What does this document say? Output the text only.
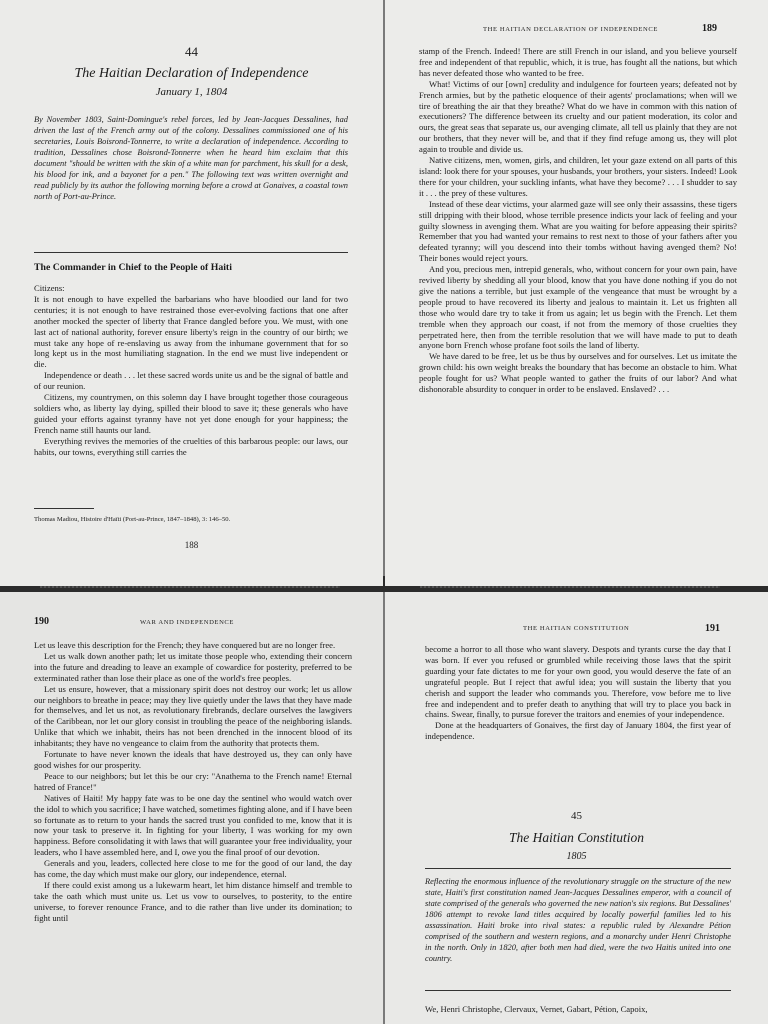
44
The Haitian Declaration of Independence
January 1, 1804
By November 1803, Saint-Domingue's rebel forces, led by Jean-Jacques Dessalines, had driven the last of the French army out of the colony. Dessalines commissioned one of his secretaries, Louis Boisrond-Tonnerre, to write a declaration of independence. According to tradition, Dessalines chose Boisrond-Tonnerre when he heard him exclaim that this document "should be written with the skin of a white man for parchment, his skull for a desk, his blood for ink, and a bayonet for a pen." The following text was written overnight and read publicly by its author the following morning before a crowd at Gonaives, a coastal town north of Port-au-Prince.
The Commander in Chief to the People of Haiti

Citizens:

It is not enough to have expelled the barbarians who have bloodied our land for two centuries; it is not enough to have restrained those ever-evolving factions that one after another mocked the specter of liberty that France dangled before you. We must, with one last act of national authority, forever ensure liberty's reign in the country of our birth; we must take any hope of re-enslaving us away from the inhumane government that for so long kept us in the most humiliating stagnation. In the end we must live independent or die.

Independence or death . . . let these sacred words unite us and be the signal of battle and of our reunion.

Citizens, my countrymen, on this solemn day I have brought together those courageous soldiers who, as liberty lay dying, spilled their blood to save it; these generals who have guided your efforts against tyranny have not yet done enough for your happiness; the French name still haunts our land.

Everything revives the memories of the cruelties of this barbarous people: our laws, our habits, our towns, everything still carries the

Thomas Madiou, Histoire d'Haïti (Port-au-Prince, 1847–1848), 3: 146–50.
188
THE HAITIAN DECLARATION OF INDEPENDENCE	189

stamp of the French. Indeed! There are still French in our island, and you believe yourself free and independent of that republic, which, it is true, has fought all the nations, but which has never defeated those who wanted to be free.

What! Victims of our [own] credulity and indulgence for fourteen years; defeated not by French armies, but by the pathetic eloquence of their agents' proclamations; when will we tire of breathing the air that they breathe? What do we have in common with this nation of executioners? The difference between its cruelty and our patient moderation, its color and ours, the great seas that separate us, our avenging climate, all tell us plainly that they are not our brothers, that they never will be, and that if they find refuge among us, they will plot again to trouble and divide us.

Native citizens, men, women, girls, and children, let your gaze extend on all parts of this island: look there for your spouses, your husbands, your brothers, your sisters. Indeed! Look there for your children, your suckling infants, what have they become? . . . I shudder to say it . . . the prey of these vultures.

Instead of these dear victims, your alarmed gaze will see only their assassins, these tigers still dripping with their blood, whose terrible presence indicts your lack of feeling and your guilty slowness in avenging them. What are you waiting for before appeasing their spirits? Remember that you had wanted your remains to rest next to those of your fathers after you defeated tyranny; will you descend into their tombs without having avenged them? No! Their bones would reject yours.

And you, precious men, intrepid generals, who, without concern for your own pain, have revived liberty by shedding all your blood, know that you have done nothing if you do not give the nations a terrible, but just example of the vengeance that must be wrought by a people proud to have recovered its liberty and jealous to maintain it. Let us frighten all those who would dare try to take it from us again; let us begin with the French. Let them tremble when they approach our coast, if not from the memory of those cruelties they perpetrated here, then from the terrible resolution that we will have made to put to death anyone born French whose profane foot soils the land of liberty.

We have dared to be free, let us be thus by ourselves and for ourselves. Let us imitate the grown child: his own weight breaks the boundary that has become an obstacle to him. What people fought for us? What people wanted to gather the fruits of our labor? And what dishonorable absurdity to conquer in order to be enslaved. Enslaved? . . .

190	WAR AND INDEPENDENCE

Let us leave this description for the French; they have conquered but are no longer free.

Let us walk down another path; let us imitate those people who, extending their concern into the future and dreading to leave an example of cowardice for posterity, preferred to be exterminated rather than lose their place as one of the world's free peoples.

Let us ensure, however, that a missionary spirit does not destroy our work; let us allow our neighbors to breathe in peace; may they live quietly under the laws that they have made for themselves, and let us not, as revolutionary firebrands, declare ourselves the lawgivers of the Caribbean, nor let our glory consist in troubling the peace of the neighboring islands. Unlike that which we inhabit, theirs has not been drenched in the innocent blood of its inhabitants; they have no vengeance to claim from the authority that protects them.

Fortunate to have never known the ideals that have destroyed us, they can only have good wishes for our prosperity.

Peace to our neighbors; but let this be our cry: "Anathema to the French name! Eternal hatred of France!"

Natives of Haiti! My happy fate was to be one day the sentinel who would watch over the idol to which you sacrifice; I have watched, sometimes fighting alone, and if I have been so fortunate as to return to your hands the sacred trust you confided to me, know that it is now your task to preserve it. In fighting for your liberty, I was working for my own happiness. Before consolidating it with laws that will guarantee your free individuality, your leaders, who I have assembled here, and I, owe you the final proof of our devotion.

Generals and you, leaders, collected here close to me for the good of our land, the day has come, the day which must make our glory, our independence, eternal.

If there could exist among us a lukewarm heart, let him distance himself and tremble to take the oath which must unite us. Let us vow to ourselves, to posterity, to the entire universe, to forever renounce France, and to die rather than live under its domination; to fight until

THE HAITIAN CONSTITUTION	191

become a horror to all those who want slavery. Despots and tyrants curse the day that I was born. If ever you refused or grumbled while receiving those laws that the spirit guarding your fate dictates to me for your own good, you would deserve the fate of an ungrateful people. But I reject that awful idea; you will sustain the liberty that you cherish and support the leader who commands you. Therefore, vow before me to live free and independent and to prefer death to anything that will try to place you back in chains. Swear, finally, to pursue forever the traitors and enemies of your independence.

Done at the headquarters of Gonaives, the first day of January 1804, the first year of independence.

45
The Haitian Constitution
1805
Reflecting the enormous influence of the revolutionary struggle on the structure of the new state, Haiti's first constitution named Jean-Jacques Dessalines emperor, with a council of state comprised of the generals who governed the new nation's six regions. But Dessalines' 1806 attempt to revoke land titles acquired by locally powerful families led to his assassination. Haiti broke into rival states: a republic ruled by Alexandre Pétion comprised of the southern and western regions, and a monarchy under Henri Christophe in the north. Only in 1820, after both men had died, were the two Haitis united into one country.
We, Henri Christophe, Clervaux, Vernet, Gabart, Pétion, Capoix,
